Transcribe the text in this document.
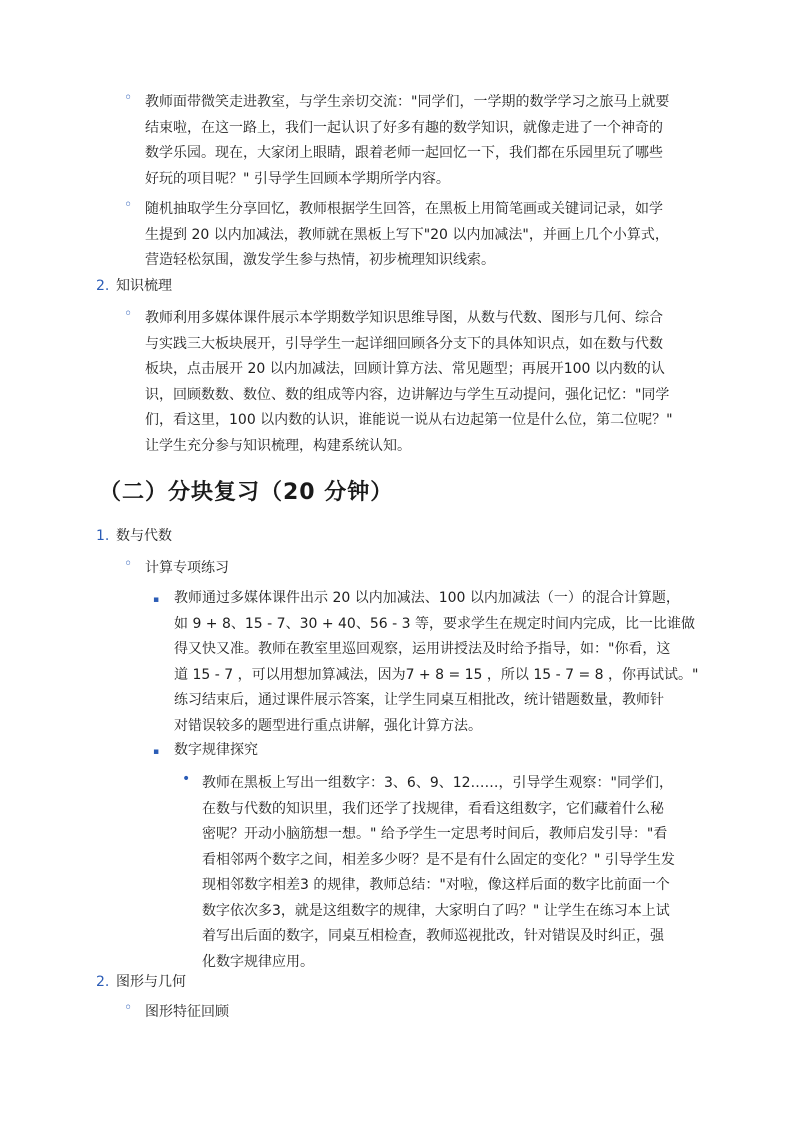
◦ 教师面带微笑走进教室，与学生亲切交流："同学们，一学期的数学学习之旅马上就要
结束啦，在这一路上，我们一起认识了好多有趣的数学知识，就像走进了一个神奇的
数学乐园。现在，大家闭上眼睛，跟着老师一起回忆一下，我们都在乐园里玩了哪些
好玩的项目呢？" 引导学生回顾本学期所学内容。
◦ 随机抽取学生分享回忆，教师根据学生回答，在黑板上用简笔画或关键词记录，如学
生提到 20 以内加减法，教师就在黑板上写下"20 以内加减法"，并画上几个小算式，
营造轻松氛围，激发学生参与热情，初步梳理知识线索。
2. 知识梳理
◦ 教师利用多媒体课件展示本学期数学知识思维导图，从数与代数、图形与几何、综合
与实践三大板块展开，引导学生一起详细回顾各分支下的具体知识点，如在数与代数
板块，点击展开 20 以内加减法，回顾计算方法、常见题型；再展开100 以内数的认
识，回顾数数、数位、数的组成等内容，边讲解边与学生互动提问，强化记忆："同学
们，看这里，100 以内数的认识，谁能说一说从右边起第一位是什么位，第二位呢？"
让学生充分参与知识梳理，构建系统认知。
（二）分块复习（20 分钟）
1. 数与代数
◦ 计算专项练习
▪ 教师通过多媒体课件出示 20 以内加减法、100 以内加减法（一）的混合计算题，
如 9 + 8、15 - 7、30 + 40、56 - 3 等，要求学生在规定时间内完成，比一比谁做
得又快又准。教师在教室里巡回观察，运用讲授法及时给予指导，如："你看，这
道 15 - 7 ，可以用想加算减法，因为7 + 8 = 15 ，所以 15 - 7 = 8 ，你再试试。"
练习结束后，通过课件展示答案，让学生同桌互相批改，统计错题数量，教师针
对错误较多的题型进行重点讲解，强化计算方法。
▪ 数字规律探究
• 教师在黑板上写出一组数字：3、6、9、12……，引导学生观察："同学们，
在数与代数的知识里，我们还学了找规律，看看这组数字，它们藏着什么秘
密呢？开动小脑筋想一想。" 给予学生一定思考时间后，教师启发引导："看
看相邻两个数字之间，相差多少呀？是不是有什么固定的变化？" 引导学生发
现相邻数字相差3 的规律，教师总结："对啦，像这样后面的数字比前面一个
数字依次多3，就是这组数字的规律，大家明白了吗？" 让学生在练习本上试
着写出后面的数字，同桌互相检查，教师巡视批改，针对错误及时纠正，强
化数字规律应用。
2. 图形与几何
◦ 图形特征回顾
